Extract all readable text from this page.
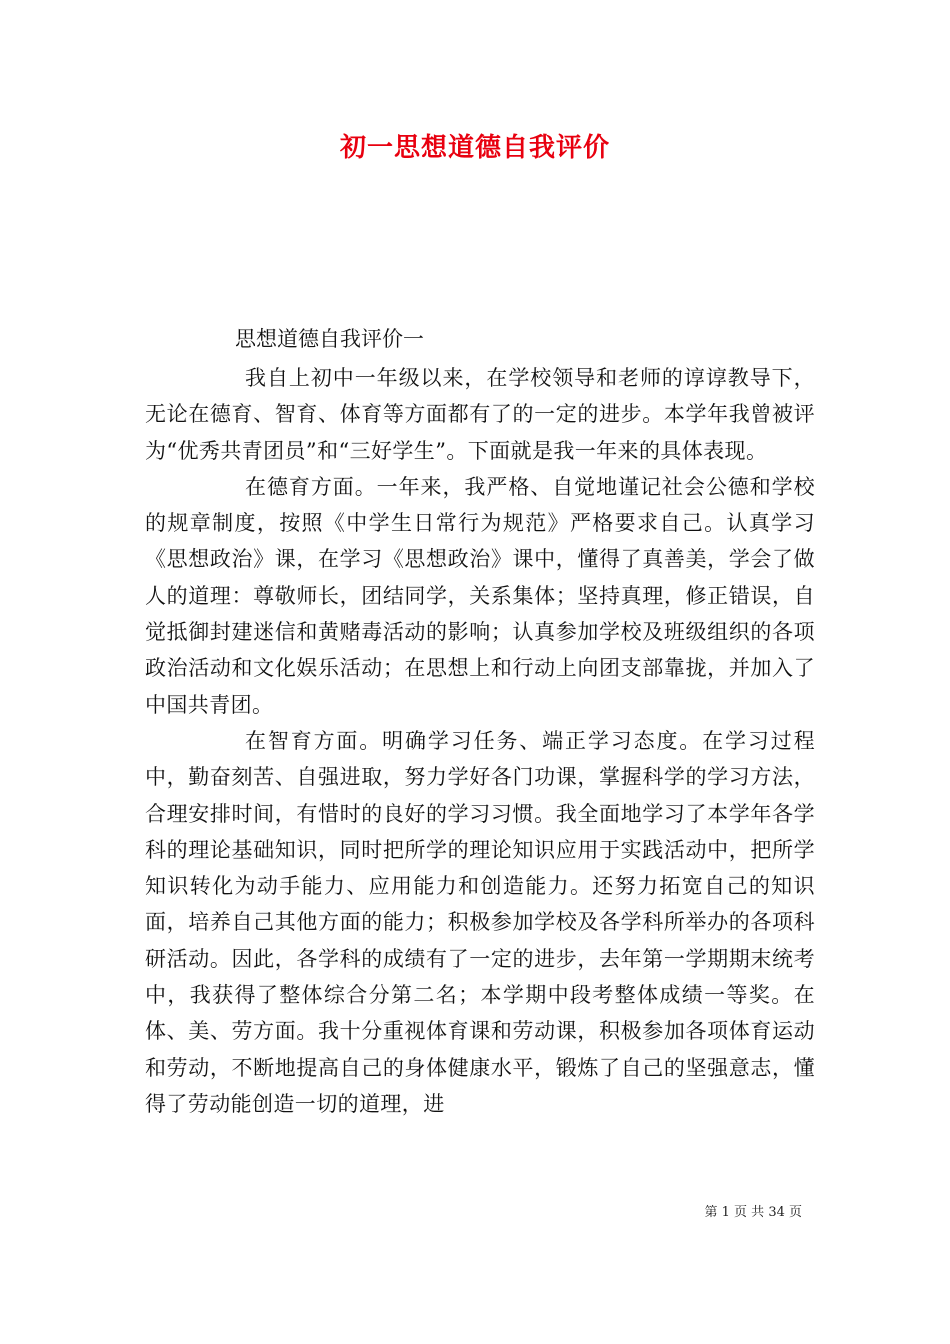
初一思想道德自我评价
思想道德自我评价一

我自上初中一年级以来，在学校领导和老师的谆谆教导下，无论在德育、智育、体育等方面都有了的一定的进步。本学年我曾被评为“优秀共青团员”和“三好学生”。下面就是我一年来的具体表现。

在德育方面。一年来，我严格、自觉地谨记社会公德和学校的规章制度，按照《中学生日常行为规范》严格要求自己。认真学习《思想政治》课，在学习《思想政治》课中，懂得了真善美，学会了做人的道理：尊敬师长，团结同学，关系集体；坚持真理，修正错误，自觉抵御封建迷信和黄赌毒活动的影响；认真参加学校及班级组织的各项政治活动和文化娱乐活动；在思想上和行动上向团支部靠拢，并加入了中国共青团。

在智育方面。明确学习任务、端正学习态度。在学习过程中，勤奋刻苦、自强进取，努力学好各门功课，掌握科学的学习方法，合理安排时间，有惜时的良好的学习习惯。我全面地学习了本学年各学科的理论基础知识，同时把所学的理论知识应用于实践活动中，把所学知识转化为动手能力、应用能力和创造能力。还努力拓宽自己的知识面，培养自己其他方面的能力；积极参加学校及各学科所举办的各项科研活动。因此，各学科的成绩有了一定的进步，去年第一学期期末统考中，我获得了整体综合分第二名；本学期中段考整体成绩一等奖。在体、美、劳方面。我十分重视体育课和劳动课，积极参加各项体育运动和劳动，不断地提高自己的身体健康水平，锻炼了自己的坚强意志，懂得了劳动能创造一切的道理，进

第 1 页 共 34 页
